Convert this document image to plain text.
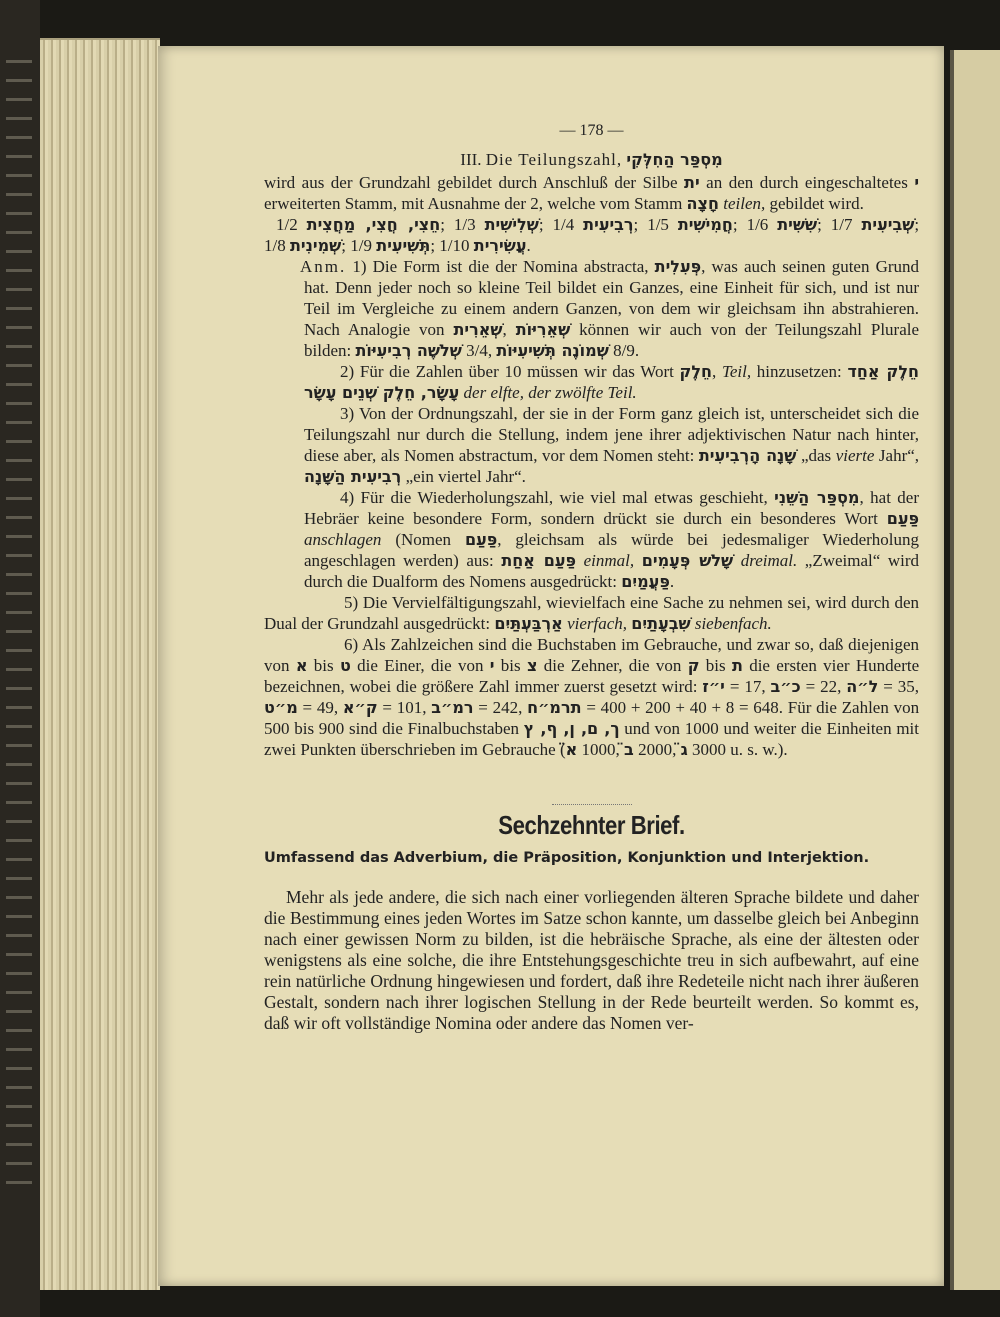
— 178 —
III. Die Teilungszahl, מִסְפַּר הַחִלְּקִי

wird aus der Grundzahl gebildet durch Anschluß der Silbe ית an den durch eingeschaltetes י erweiterten Stamm, mit Ausnahme der 2, welche vom Stamm חָצָה teilen, gebildet wird.

1/2 חֵצִי, חֲצִי, מַחֲצִית; 1/3 שְׁלִישִׁית; 1/4 רְבִיעִית; 1/5 חֲמִישִׁית; 1/6 שִׁשִּׁית; 1/7 שְׁבִיעִית; 1/8 שְׁמִינִית; 1/9 תְּשִׁיעִית; 1/10 עֲשִׂירִית.

Anm. 1) Die Form ist die der Nomina abstracta, פְּעִלִית, was auch seinen guten Grund hat. Denn jeder noch so kleine Teil bildet ein Ganzes, eine Einheit für sich, und ist nur Teil im Vergleiche zu einem andern Ganzen, von dem wir gleichsam ihn abstrahieren. Nach Analogie von שְׁאֵרִית, שְׁאֵרִיּוֹת können wir auch von der Teilungszahl Plurale bilden: שְׁלֹשֶׁה רְבִיעִיּוֹת 3/4, שְׁמוֹנֶה תְּשִׁיעִיּוֹת 8/9.

2) Für die Zahlen über 10 müssen wir das Wort חֵלֶק, Teil, hinzusetzen: חֵלֶק אַחַד עָשָׂר, חֵלֶק שְׁנֵים עָשָׂר der elfte, der zwölfte Teil.

3) Von der Ordnungszahl, der sie in der Form ganz gleich ist, unterscheidet sich die Teilungszahl nur durch die Stellung, indem jene ihrer adjektivischen Natur nach hinter, diese aber, als Nomen abstractum, vor dem Nomen steht: שָׁנָה הָרְבִיעִית „das vierte Jahr“, רְבִיעִית הַשָּׁנָה „ein viertel Jahr“.

4) Für die Wiederholungszahl, wie viel mal etwas geschieht, מִסְפַּר הַשֵּׁנִי, hat der Hebräer keine besondere Form, sondern drückt sie durch ein besonderes Wort פַּעַם anschlagen (Nomen פַּעַם, gleichsam als würde bei jedesmaliger Wiederholung angeschlagen werden) aus: פַּעַם אַחַת einmal, שָׁלשׁ פְּעָמִים dreimal. „Zweimal“ wird durch die Dualform des Nomens ausgedrückt: פַּעֲמַיִם.

5) Die Vervielfältigungszahl, wievielfach eine Sache zu nehmen sei, wird durch den Dual der Grundzahl ausgedrückt: אַרְבַּעְתַּיִם vierfach, שִׁבְעָתַיִם siebenfach.

6) Als Zahlzeichen sind die Buchstaben im Gebrauche, und zwar so, daß diejenigen von א bis ט die Einer, die von י bis צ die Zehner, die von ק bis ת die ersten vier Hunderte bezeichnen, wobei die größere Zahl immer zuerst gesetzt wird: י״ז = 17, כ״ב = 22, ל״ה = 35, מ״ט = 49, ק״א = 101, רמ״ב = 242, תרמ״ח = 400 + 200 + 40 + 8 = 648. Für die Zahlen von 500 bis 900 sind die Finalbuchstaben ך, ם, ן, ף, ץ und von 1000 und weiter die Einheiten mit zwei Punkten überschrieben im Gebrauche (א̈ 1000, ב̈ 2000, ג̈ 3000 u. s. w.).

Sechzehnter Brief.
Umfassend das Adverbium, die Präposition, Konjunktion und Interjektion.

Mehr als jede andere, die sich nach einer vorliegenden älteren Sprache bildete und daher die Bestimmung eines jeden Wortes im Satze schon kannte, um dasselbe gleich bei Anbeginn nach einer gewissen Norm zu bilden, ist die hebräische Sprache, als eine der ältesten oder wenigstens als eine solche, die ihre Entstehungsgeschichte treu in sich aufbewahrt, auf eine rein natürliche Ordnung hingewiesen und fordert, daß ihre Redeteile nicht nach ihrer äußeren Gestalt, sondern nach ihrer logischen Stellung in der Rede beurteilt werden. So kommt es, daß wir oft vollständige Nomina oder andere das Nomen ver-
